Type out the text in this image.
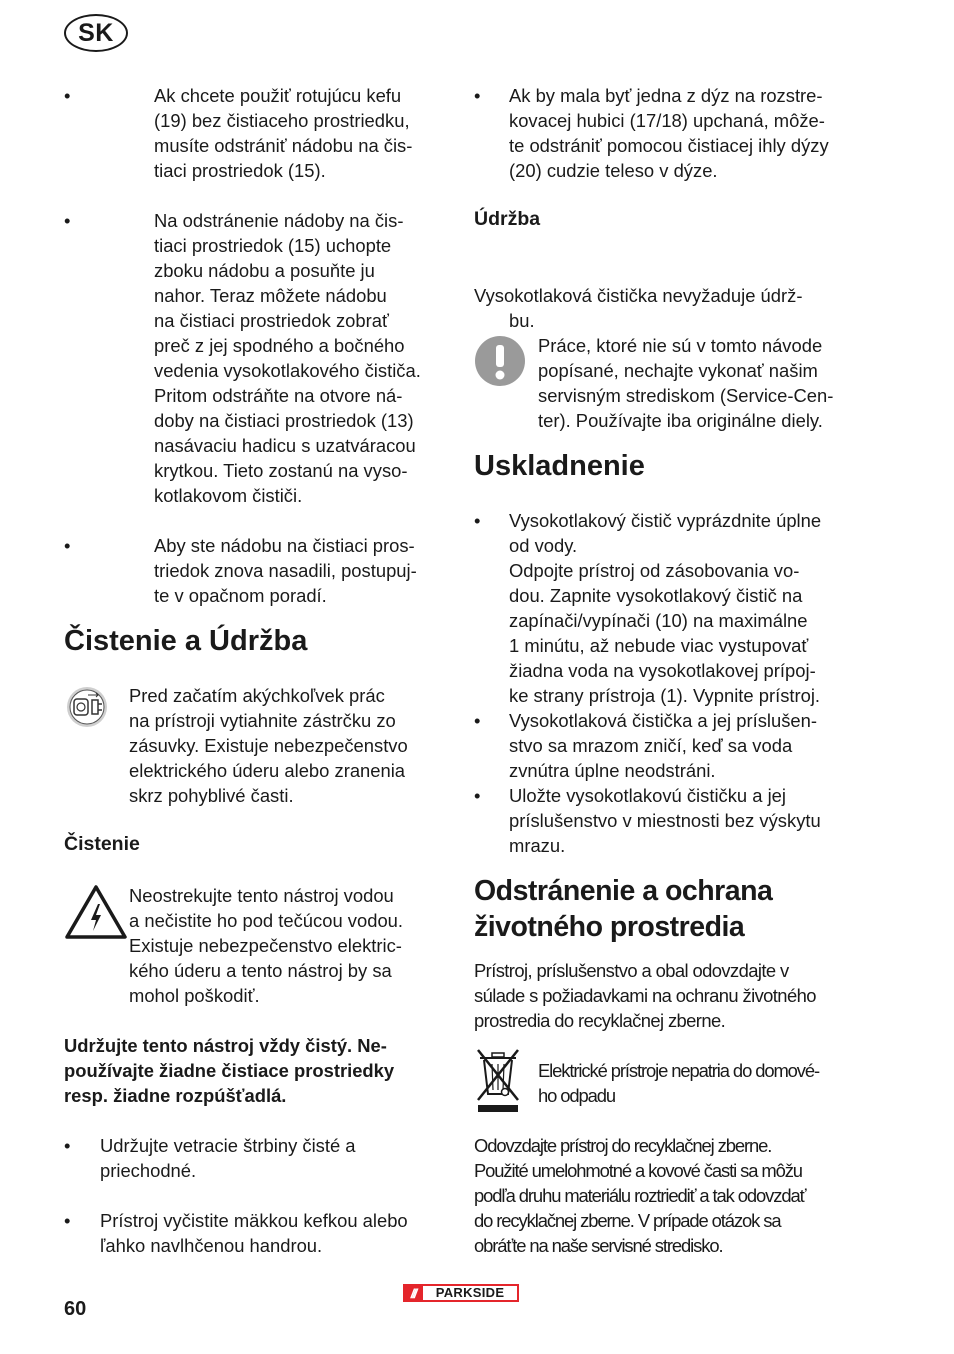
SK
•	Ak chcete použiť rotujúcu kefu
(19) bez čistiaceho prostriedku,
musíte odstrániť nádobu na čis-
tiaci prostriedok (15).
•	Na odstránenie nádoby na čis-
tiaci prostriedok (15) uchopte
zboku nádobu a posuňte ju
nahor. Teraz môžete nádobu
na čistiaci prostriedok zobrať
preč z jej spodného a bočného
vedenia vysokotlakového čističa.
Pritom odstráňte na otvore ná-
doby na čistiaci prostriedok (13)
nasávaciu hadicu s uzatváracou
krytkou. Tieto zostanú na vyso-
kotlakovom čističi.
•	Aby ste nádobu na čistiaci pros-
triedok znova nasadili, postupuj-
te v opačnom poradí.
Čistenie a Údržba
Pred začatím akýchkoľvek prác
na prístroji vytiahnite zástrčku zo
zásuvky. Existuje nebezpečenstvo
elektrického úderu alebo zranenia
skrz pohyblivé časti.
Čistenie
Neostrekujte tento nástroj vodou
a nečistite ho pod tečúcou vodou.
Existuje nebezpečenstvo elektric-
kého úderu a tento nástroj by sa
mohol poškodiť.
Udržujte tento nástroj vždy čistý. Ne-
používajte žiadne čistiace prostriedky
resp. žiadne rozpúšťadlá.
•	Udržujte vetracie štrbiny čisté a
priechodné.
•	Prístroj vyčistite mäkkou kefkou alebo
ľahko navlhčenou handrou.
•	Ak by mala byť jedna z dýz na rozstre-
kovacej hubici (17/18) upchaná, môže-
te odstrániť pomocou čistiacej ihly dýzy
(20) cudzie teleso v dýze.
Údržba

Vysokotlaková čistička nevyžaduje údrž-
bu.

Práce, ktoré nie sú v tomto návode
popísané, nechajte vykonať našim
servisným strediskom (Service-Cen-
ter). Používajte iba originálne diely.
Uskladnenie
•	Vysokotlakový čistič vyprázdnite úplne
od vody.
Odpojte prístroj od zásobovania vo-
dou. Zapnite vysokotlakový čistič na
zapínači/vypínači (10) na maximálne
1 minútu, až nebude viac vystupovať
žiadna voda na vysokotlakovej prípoj-
ke strany prístroja (1). Vypnite prístroj.
•	Vysokotlaková čistička a jej príslušen-
stvo sa mrazom zničí, keď sa voda
zvnútra úplne neodstráni.
•	Uložte vysokotlakovú čističku a jej
príslušenstvo v miestnosti bez výskytu
mrazu.
Odstránenie a ochrana
životného prostredia
Prístroj, príslušenstvo a obal odovzdajte v
súlade s požiadavkami na ochranu životného
prostredia do recyklačnej zberne.
Elektrické prístroje nepatria do domové-
ho odpadu
Odovzdajte prístroj do recyklačnej zberne.
Použité umelohmotné a kovové časti sa môžu
podľa druhu materiálu roztriediť a tak odovzdať
do recyklačnej zberne. V prípade otázok sa
obráťte na naše servisné stredisko.
60
///	PARKSIDE
